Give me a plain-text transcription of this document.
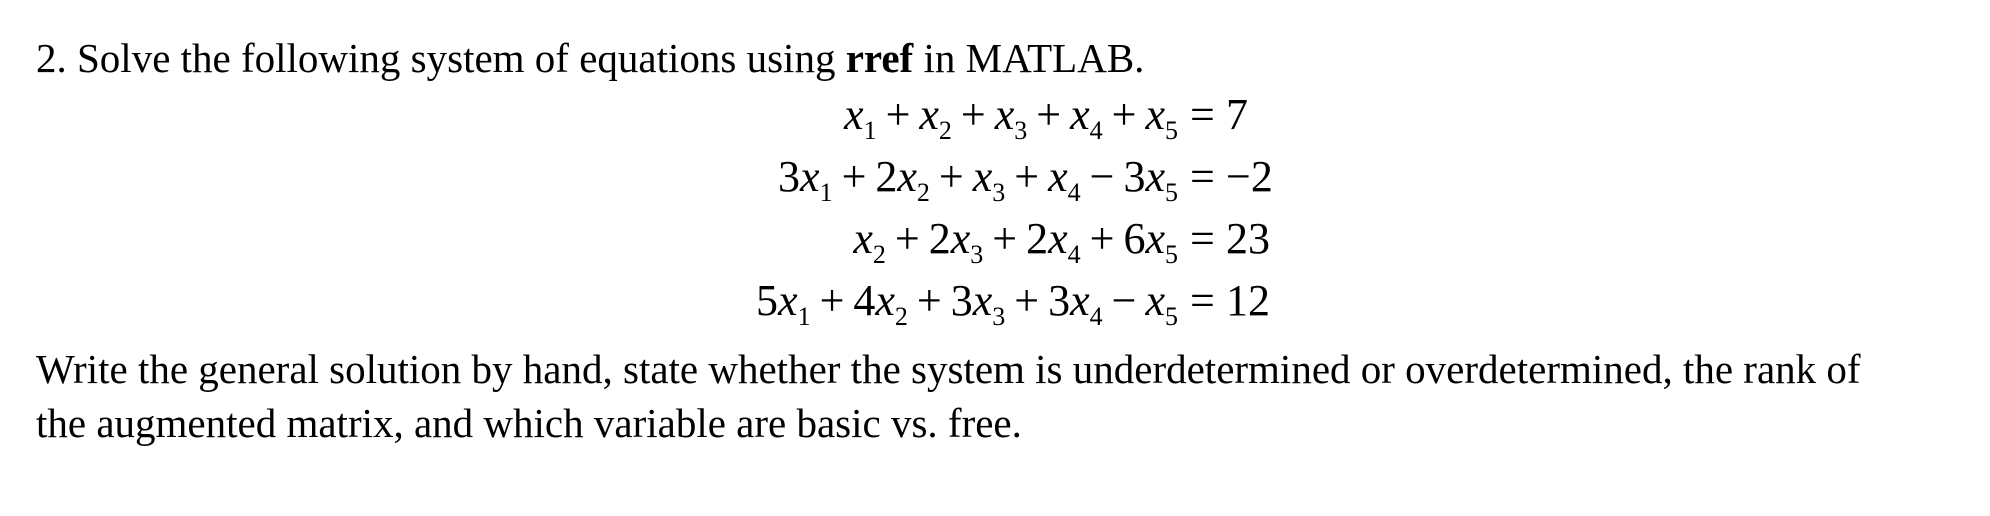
2. Solve the following system of equations using rref in MATLAB.
$x_1 + x_2 + x_3 + x_4 + x_5 = 7$
$3x_1 + 2x_2 + x_3 + x_4 - 3x_5 = -2$
$x_2 + 2x_3 + 2x_4 + 6x_5 = 23$
$5x_1 + 4x_2 + 3x_3 + 3x_4 - x_5 = 12$
Write the general solution by hand, state whether the system is underdetermined or overdetermined, the rank of
the augmented matrix, and which variable are basic vs. free.
